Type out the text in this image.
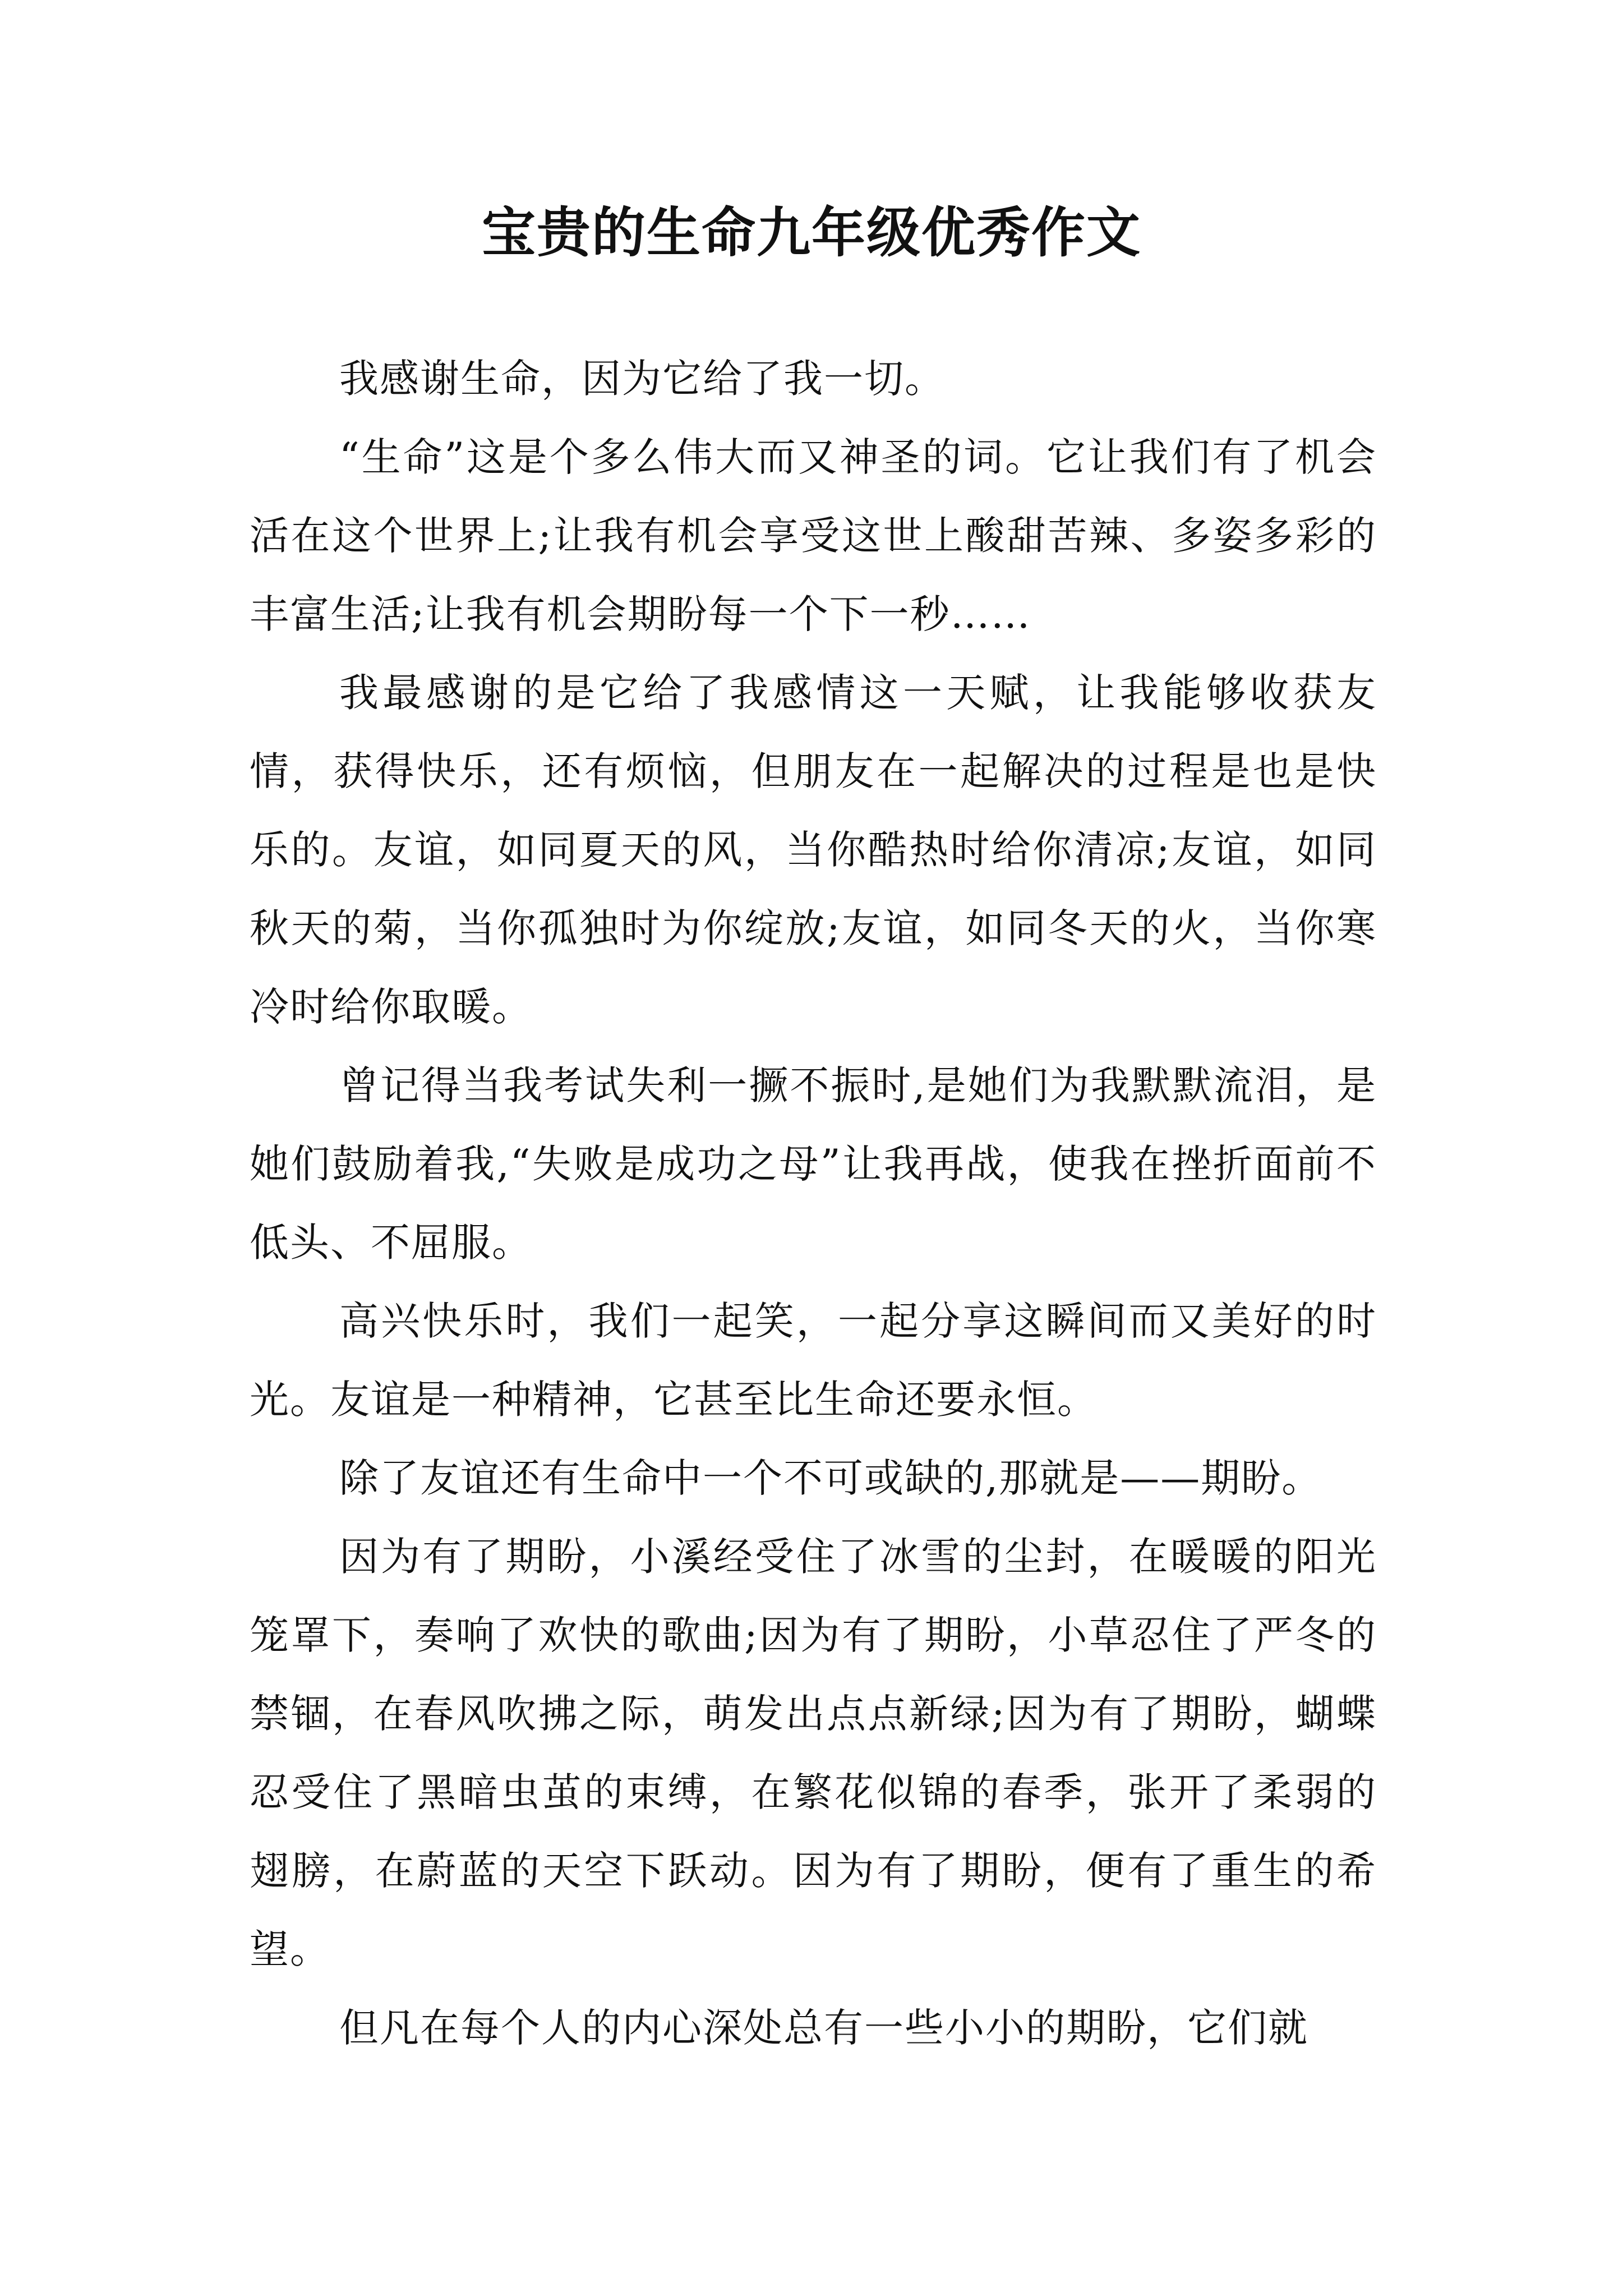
宝贵的生命九年级优秀作文

我感谢生命，因为它给了我一切。

“生命”这是个多么伟大而又神圣的词。它让我们有了机会活在这个世界上;让我有机会享受这世上酸甜苦辣、多姿多彩的丰富生活;让我有机会期盼每一个下一秒……

我最感谢的是它给了我感情这一天赋，让我能够收获友情，获得快乐，还有烦恼，但朋友在一起解决的过程是也是快乐的。友谊，如同夏天的风，当你酷热时给你清凉;友谊，如同秋天的菊，当你孤独时为你绽放;友谊，如同冬天的火，当你寒冷时给你取暖。

曾记得当我考试失利一撅不振时,是她们为我默默流泪，是她们鼓励着我,“失败是成功之母”让我再战，使我在挫折面前不低头、不屈服。

高兴快乐时，我们一起笑，一起分享这瞬间而又美好的时光。友谊是一种精神，它甚至比生命还要永恒。

除了友谊还有生命中一个不可或缺的,那就是——期盼。

因为有了期盼，小溪经受住了冰雪的尘封，在暖暖的阳光笼罩下，奏响了欢快的歌曲;因为有了期盼，小草忍住了严冬的禁锢，在春风吹拂之际，萌发出点点新绿;因为有了期盼，蝴蝶忍受住了黑暗虫茧的束缚，在繁花似锦的春季，张开了柔弱的翅膀，在蔚蓝的天空下跃动。因为有了期盼，便有了重生的希望。

但凡在每个人的内心深处总有一些小小的期盼，它们就
